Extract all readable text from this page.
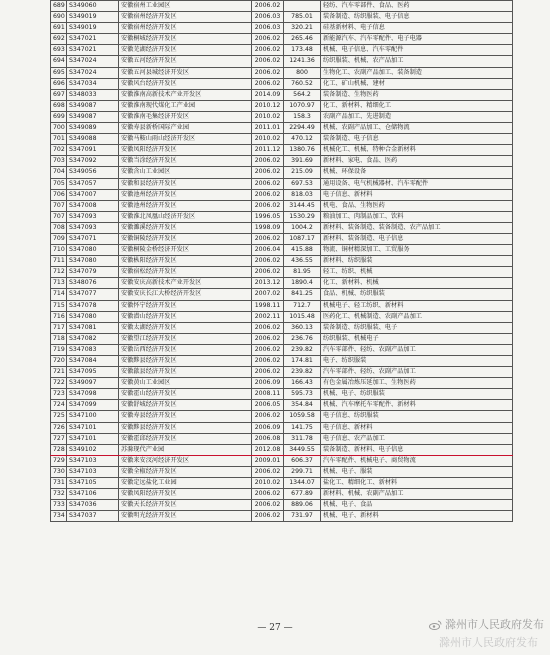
689	S349060	安徽宿州工业园区	2006.02		轻纺、汽车零部件、食品、医药
690	S349019	安徽宿州经济开发区	2006.03	785.01	装备制造、纺织服装、电子信息
691	S349019	安徽宿州经济开发区	2006.03	320.21	硅基新材料、电子信息
692	S347021	安徽桐城经济开发区	2006.02	265.46	新能源汽车、汽车零配件、电子电器
693	S347021	安徽芜湖经济开发区	2006.02	173.48	机械、电子信息、汽车零配件
694	S347024	安徽五河经济开发区	2006.02	1241.36	纺织服装、机械、农产品加工
695	S347024	安徽五河县城经济开发区	2006.02	800	生物化工、农副产品加工、装备制造
696	S347034	安徽风台经济开发区	2006.02	760.52	化工、矿山机械、建材
697	S348033	安徽淮南高新技术产业开发区	2014.09	564.2	装备制造、生物医药
698	S349087	安徽淮南现代煤化工产业园	2010.12	1070.97	化工、新材料、精细化工
699	S349087	安徽淮南毛集经济开发区	2010.02	158.3	农副产品加工、先进制造
700	S349089	安徽寿县新桥国际产业园	2011.01	2294.49	机械、农副产品加工、仓储物流
701	S349088	安徽马鞍山雨山经济开发区	2010.02	470.12	装备制造、电子信息
702	S347091	安徽凤阳经济开发区	2011.12	1380.76	机械化工、机械、特种合金新材料
703	S347092	安徽当涂经济开发区	2006.02	391.69	新材料、家电、食品、医药
704	S349056	安徽含山工业园区	2006.02	215.09	机械、环保设备
705	S347057	安徽和县经济开发区	2006.02	697.53	通用设备、电气机械器材、汽车零配件
706	S347007	安徽池州经济开发区	2006.02	818.03	电子信息、新材料
707	S347008	安徽池州经济开发区	2006.02	3144.45	机电、食品、生物医药
707	S347093	安徽淮北凤凰山经济开发区	1996.05	1530.29	粮油加工、肉制品加工、饮料
708	S347093	安徽濉溪经济开发区	1998.09	1004.2	新材料、装备制造、装备制造、农产品加工
709	S347071	安徽铜陵经济开发区	2006.02	1087.17	新材料、装备制造、电子信息
710	S347080	安徽桐陵金桥经济开发区	2006.04	415.88	物流、铜材精深加工、工贸服务
711	S347080	安徽枞阳经济开发区	2006.02	436.55	新材料、纺织服装
712	S347079	安徽宿松经济开发区	2006.02	81.95	轻工、纺织、机械
713	S348076	安徽安庆高新技术产业开发区	2013.12	1890.4	化工、新材料、机械
714	S347077	安徽安庆长江大桥经济开发区	2007.02	841.25	食品、机械、纺织服装
715	S347078	安徽怀宁经济开发区	1998.11	712.7	机械电子、轻工纺织、新材料
716	S347080	安徽潜山经济开发区	2002.11	1015.48	医药化工、机械制造、农副产品加工
717	S347081	安徽太湖经济开发区	2006.02	360.13	装备制造、纺织服装、电子
718	S347082	安徽望江经济开发区	2006.02	236.76	纺织服装、机械电子
719	S347083	安徽岳西经济开发区	2006.02	239.82	汽车零部件、轻纺、农副产品加工
720	S347084	安徽黟县经济开发区	2006.02	174.81	电子、纺织服装
721	S347095	安徽歙县经济开发区	2006.02	239.82	汽车零部件、轻纺、农副产品加工
722	S349097	安徽黄山工业园区	2006.09	166.43	有色金属冶炼压延加工、生物医药
723	S347098	安徽霍山经济开发区	2008.11	595.73	机械、电子、纺织服装
724	S347099	安徽舒城经济开发区	2006.05	354.84	机械、汽车摩托车零配件、新材料
725	S347100	安徽寿县经济开发区	2006.02	1059.58	电子信息、纺织服装
726	S347101	安徽黟县经济开发区	2006.09	141.75	电子信息、新材料
727	S347101	安徽霍邱经济开发区	2006.08	311.78	电子信息、农产品加工
728	S349102	苏滁现代产业园	2012.08	3449.55	装备制造、新材料、电子信息
729	S347103	安徽来安汊河经济开发区	2009.01	606.37	汽车零配件、机械电子、商贸物流
730	S347103	安徽全椒经济开发区	2006.02	299.71	机械、电子、服装
731	S347105	安徽定远盐化工业园	2010.02	1344.07	盐化工、精细化工、新材料
732	S347106	安徽凤阳经济开发区	2006.02	677.89	新材料、机械、农副产品加工
733	S347036	安徽天长经济开发区	2006.02	889.06	机械、电子、食品
734	S347037	安徽明光经济开发区	2006.02	731.97	机械、电子、新材料
— 27 —	滁州市人民政府发布
滁州市人民政府发布
